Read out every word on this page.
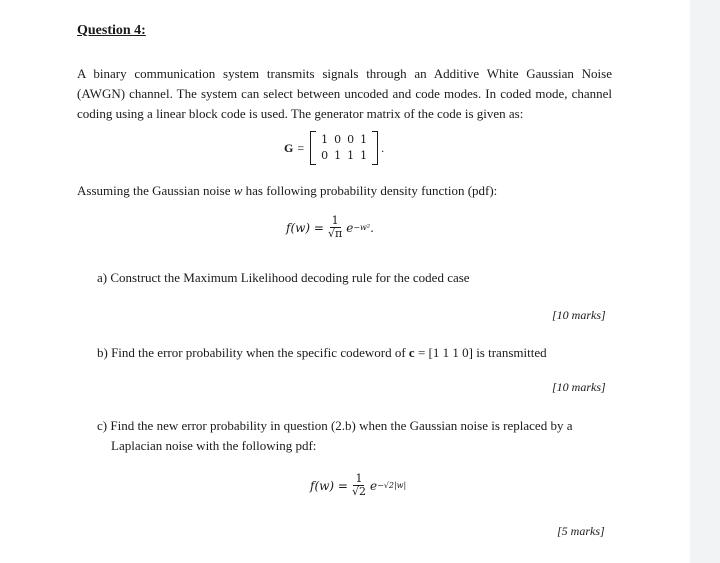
Question 4:
A binary communication system transmits signals through an Additive White Gaussian Noise (AWGN) channel. The system can select between uncoded and code modes. In coded mode, channel coding using a linear block code is used. The generator matrix of the code is given as:
G =
1 0 0 1
0 1 1 1
.
Assuming the Gaussian noise w has following probability density function (pdf):
$f(w) = \frac{1}{√\pi}$ e −w² .
a) Construct the Maximum Likelihood decoding rule for the coded case
[10 marks]
b) Find the error probability when the specific codeword of c = [1 1 1 0] is transmitted
[10 marks]
c) Find the new error probability in question (2.b) when the Gaussian noise is replaced by a
Laplacian noise with the following pdf:
$f(w) = \frac{1}{√2}$ e −√2|w|
[5 marks]
